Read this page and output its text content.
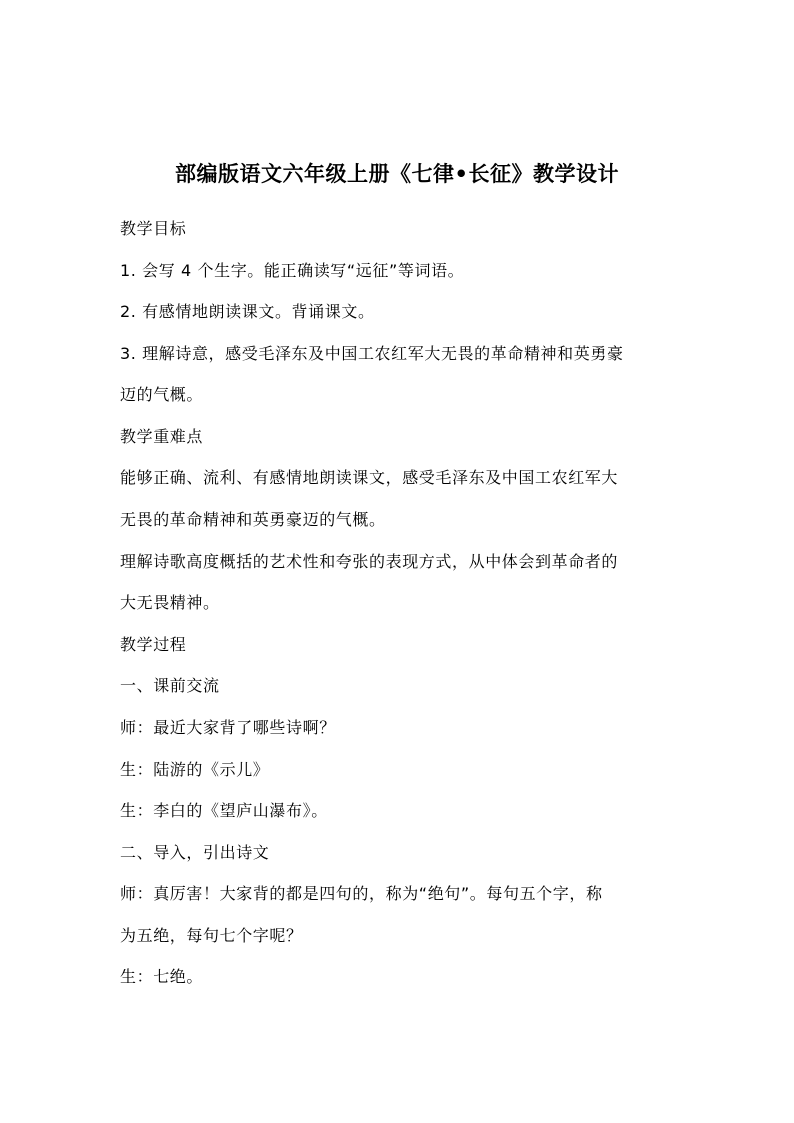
部编版语文六年级上册《七律•长征》教学设计
教学目标
1. 会写 4 个生字。能正确读写“远征”等词语。
2. 有感情地朗读课文。背诵课文。
3. 理解诗意，感受毛泽东及中国工农红军大无畏的革命精神和英勇豪
迈的气概。
教学重难点
能够正确、流利、有感情地朗读课文，感受毛泽东及中国工农红军大
无畏的革命精神和英勇豪迈的气概。
理解诗歌高度概括的艺术性和夸张的表现方式，从中体会到革命者的
大无畏精神。
教学过程
一、课前交流
师：最近大家背了哪些诗啊？
生：陆游的《示儿》
生：李白的《望庐山瀑布》。
二、导入，引出诗文
师：真厉害！大家背的都是四句的，称为“绝句”。每句五个字，称
为五绝，每句七个字呢？
生：七绝。
